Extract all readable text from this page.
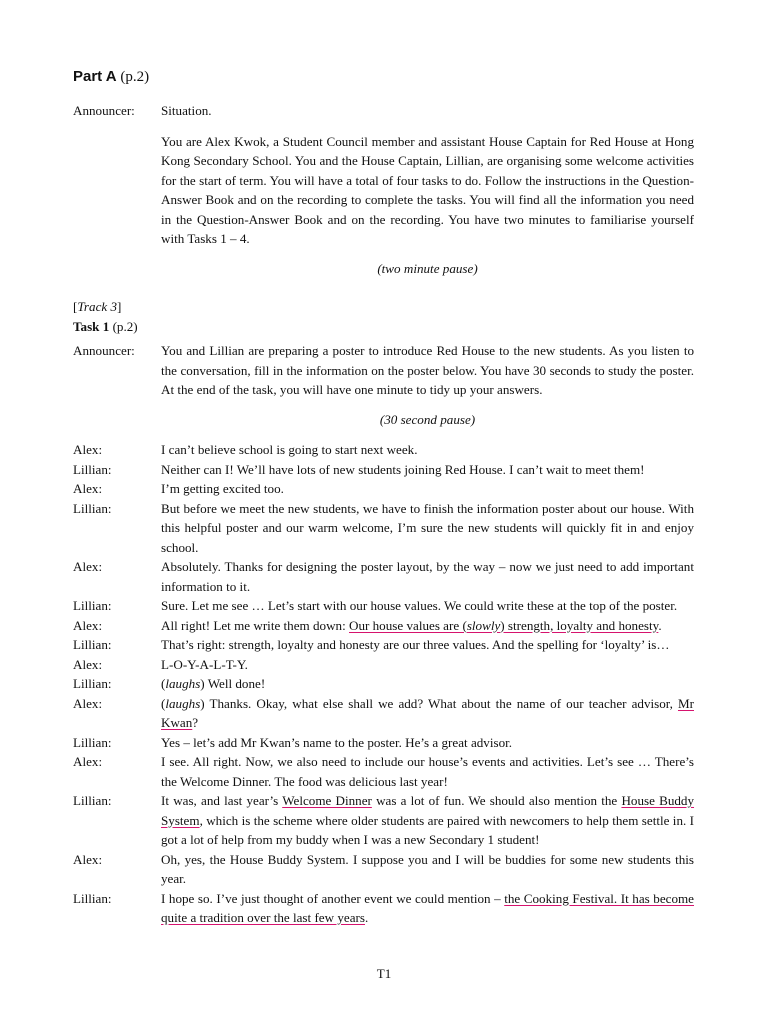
Part A (p.2)
Announcer:	Situation.
You are Alex Kwok, a Student Council member and assistant House Captain for Red House at Hong Kong Secondary School. You and the House Captain, Lillian, are organising some welcome activities for the start of term. You will have a total of four tasks to do. Follow the instructions in the Question-Answer Book and on the recording to complete the tasks. You will find all the information you need in the Question-Answer Book and on the recording. You have two minutes to familiarise yourself with Tasks 1 – 4.
(two minute pause)
[Track 3]
Task 1 (p.2)
Announcer:	You and Lillian are preparing a poster to introduce Red House to the new students. As you listen to the conversation, fill in the information on the poster below. You have 30 seconds to study the poster. At the end of the task, you will have one minute to tidy up your answers.
(30 second pause)
Alex:	I can’t believe school is going to start next week.
Lillian:	Neither can I! We’ll have lots of new students joining Red House. I can’t wait to meet them!
Alex:	I’m getting excited too.
Lillian:	But before we meet the new students, we have to finish the information poster about our house. With this helpful poster and our warm welcome, I’m sure the new students will quickly fit in and enjoy school.
Alex:	Absolutely. Thanks for designing the poster layout, by the way – now we just need to add important information to it.
Lillian:	Sure. Let me see … Let’s start with our house values. We could write these at the top of the poster.
Alex:	All right! Let me write them down: Our house values are (slowly) strength, loyalty and honesty.
Lillian:	That’s right: strength, loyalty and honesty are our three values. And the spelling for ‘loyalty’ is…
Alex:	L-O-Y-A-L-T-Y.
Lillian:	(laughs) Well done!
Alex:	(laughs) Thanks. Okay, what else shall we add? What about the name of our teacher advisor, Mr Kwan?
Lillian:	Yes – let’s add Mr Kwan’s name to the poster. He’s a great advisor.
Alex:	I see. All right. Now, we also need to include our house’s events and activities. Let’s see … There’s the Welcome Dinner. The food was delicious last year!
Lillian:	It was, and last year’s Welcome Dinner was a lot of fun. We should also mention the House Buddy System, which is the scheme where older students are paired with newcomers to help them settle in. I got a lot of help from my buddy when I was a new Secondary 1 student!
Alex:	Oh, yes, the House Buddy System. I suppose you and I will be buddies for some new students this year.
Lillian:	I hope so. I’ve just thought of another event we could mention – the Cooking Festival. It has become quite a tradition over the last few years.
T1
